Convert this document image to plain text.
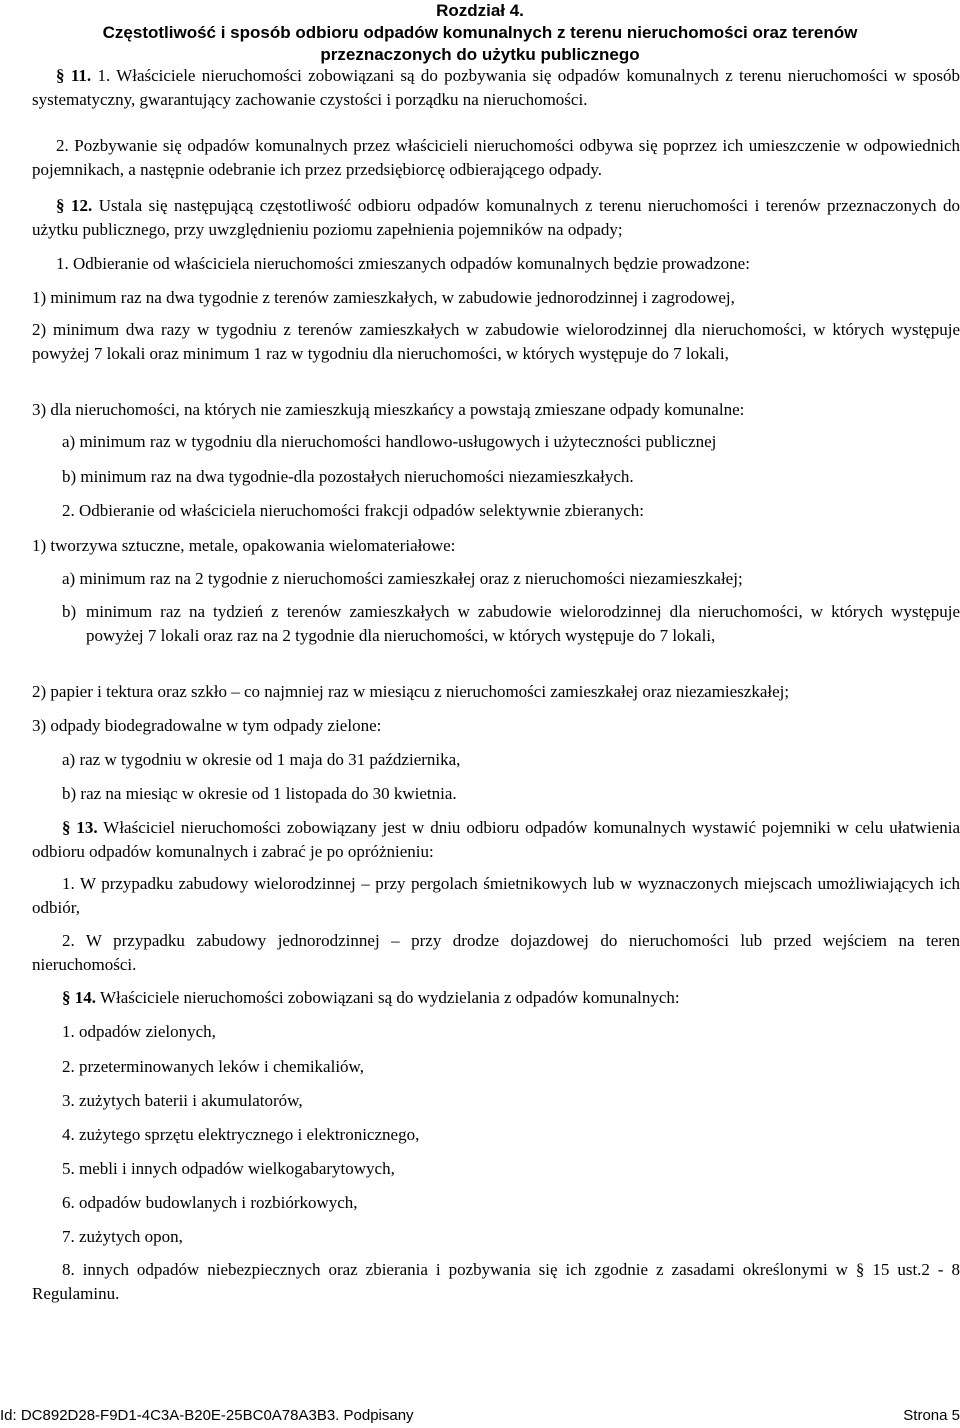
Rozdział 4.
Częstotliwość i sposób odbioru odpadów komunalnych z terenu nieruchomości oraz terenów
przeznaczonych do użytku publicznego

§ 11. 1. Właściciele nieruchomości zobowiązani są do pozbywania się odpadów komunalnych z terenu nieruchomości w sposób systematyczny, gwarantujący zachowanie czystości i porządku na nieruchomości.

2. Pozbywanie się odpadów komunalnych przez właścicieli nieruchomości odbywa się poprzez ich umieszczenie w odpowiednich pojemnikach, a następnie odebranie ich przez przedsiębiorcę odbierającego odpady.

§ 12. Ustala się następującą częstotliwość odbioru odpadów komunalnych z terenu nieruchomości i terenów przeznaczonych do użytku publicznego, przy uwzględnieniu poziomu zapełnienia pojemników na odpady;

1. Odbieranie od właściciela nieruchomości zmieszanych odpadów komunalnych będzie prowadzone:

1) minimum raz na dwa tygodnie z terenów zamieszkałych, w zabudowie jednorodzinnej i zagrodowej,

2) minimum dwa razy w tygodniu z terenów zamieszkałych w zabudowie wielorodzinnej dla nieruchomości, w których występuje powyżej 7 lokali oraz minimum 1 raz w tygodniu dla nieruchomości, w których występuje do 7 lokali,

3) dla nieruchomości, na których nie zamieszkują mieszkańcy a powstają zmieszane odpady komunalne:

a) minimum raz w tygodniu dla nieruchomości handlowo-usługowych i użyteczności publicznej

b) minimum raz na dwa tygodnie-dla pozostałych nieruchomości niezamieszkałych.

2. Odbieranie od właściciela nieruchomości frakcji odpadów selektywnie zbieranych:

1) tworzywa sztuczne, metale, opakowania wielomateriałowe:

a) minimum raz na 2 tygodnie z nieruchomości zamieszkałej oraz z nieruchomości niezamieszkałej;

b) minimum raz na tydzień z terenów zamieszkałych w zabudowie wielorodzinnej dla nieruchomości, w których występuje powyżej 7 lokali oraz raz na 2 tygodnie dla nieruchomości, w których występuje do 7 lokali,

2) papier i tektura oraz szkło – co najmniej raz w miesiącu z nieruchomości zamieszkałej oraz niezamieszkałej;

3) odpady biodegradowalne w tym odpady zielone:

a) raz w tygodniu w okresie od 1 maja do 31 października,

b) raz na miesiąc w okresie od 1 listopada do 30 kwietnia.

§ 13. Właściciel nieruchomości zobowiązany jest w dniu odbioru odpadów komunalnych wystawić pojemniki w celu ułatwienia odbioru odpadów komunalnych i zabrać je po opróżnieniu:

1. W przypadku zabudowy wielorodzinnej – przy pergolach śmietnikowych lub w wyznaczonych miejscach umożliwiających ich odbiór,

2. W przypadku zabudowy jednorodzinnej – przy drodze dojazdowej do nieruchomości lub przed wejściem na teren nieruchomości.

§ 14. Właściciele nieruchomości zobowiązani są do wydzielania z odpadów komunalnych:

1. odpadów zielonych,

2. przeterminowanych leków i chemikaliów,

3. zużytych baterii i akumulatorów,

4. zużytego sprzętu elektrycznego i elektronicznego,

5. mebli i innych odpadów wielkogabarytowych,

6. odpadów budowlanych i rozbiórkowych,

7. zużytych opon,

8. innych odpadów niebezpiecznych oraz zbierania i pozbywania się ich zgodnie z zasadami określonymi w § 15 ust.2 - 8 Regulaminu.

Id: DC892D28-F9D1-4C3A-B20E-25BC0A78A3B3. Podpisany	Strona 5
